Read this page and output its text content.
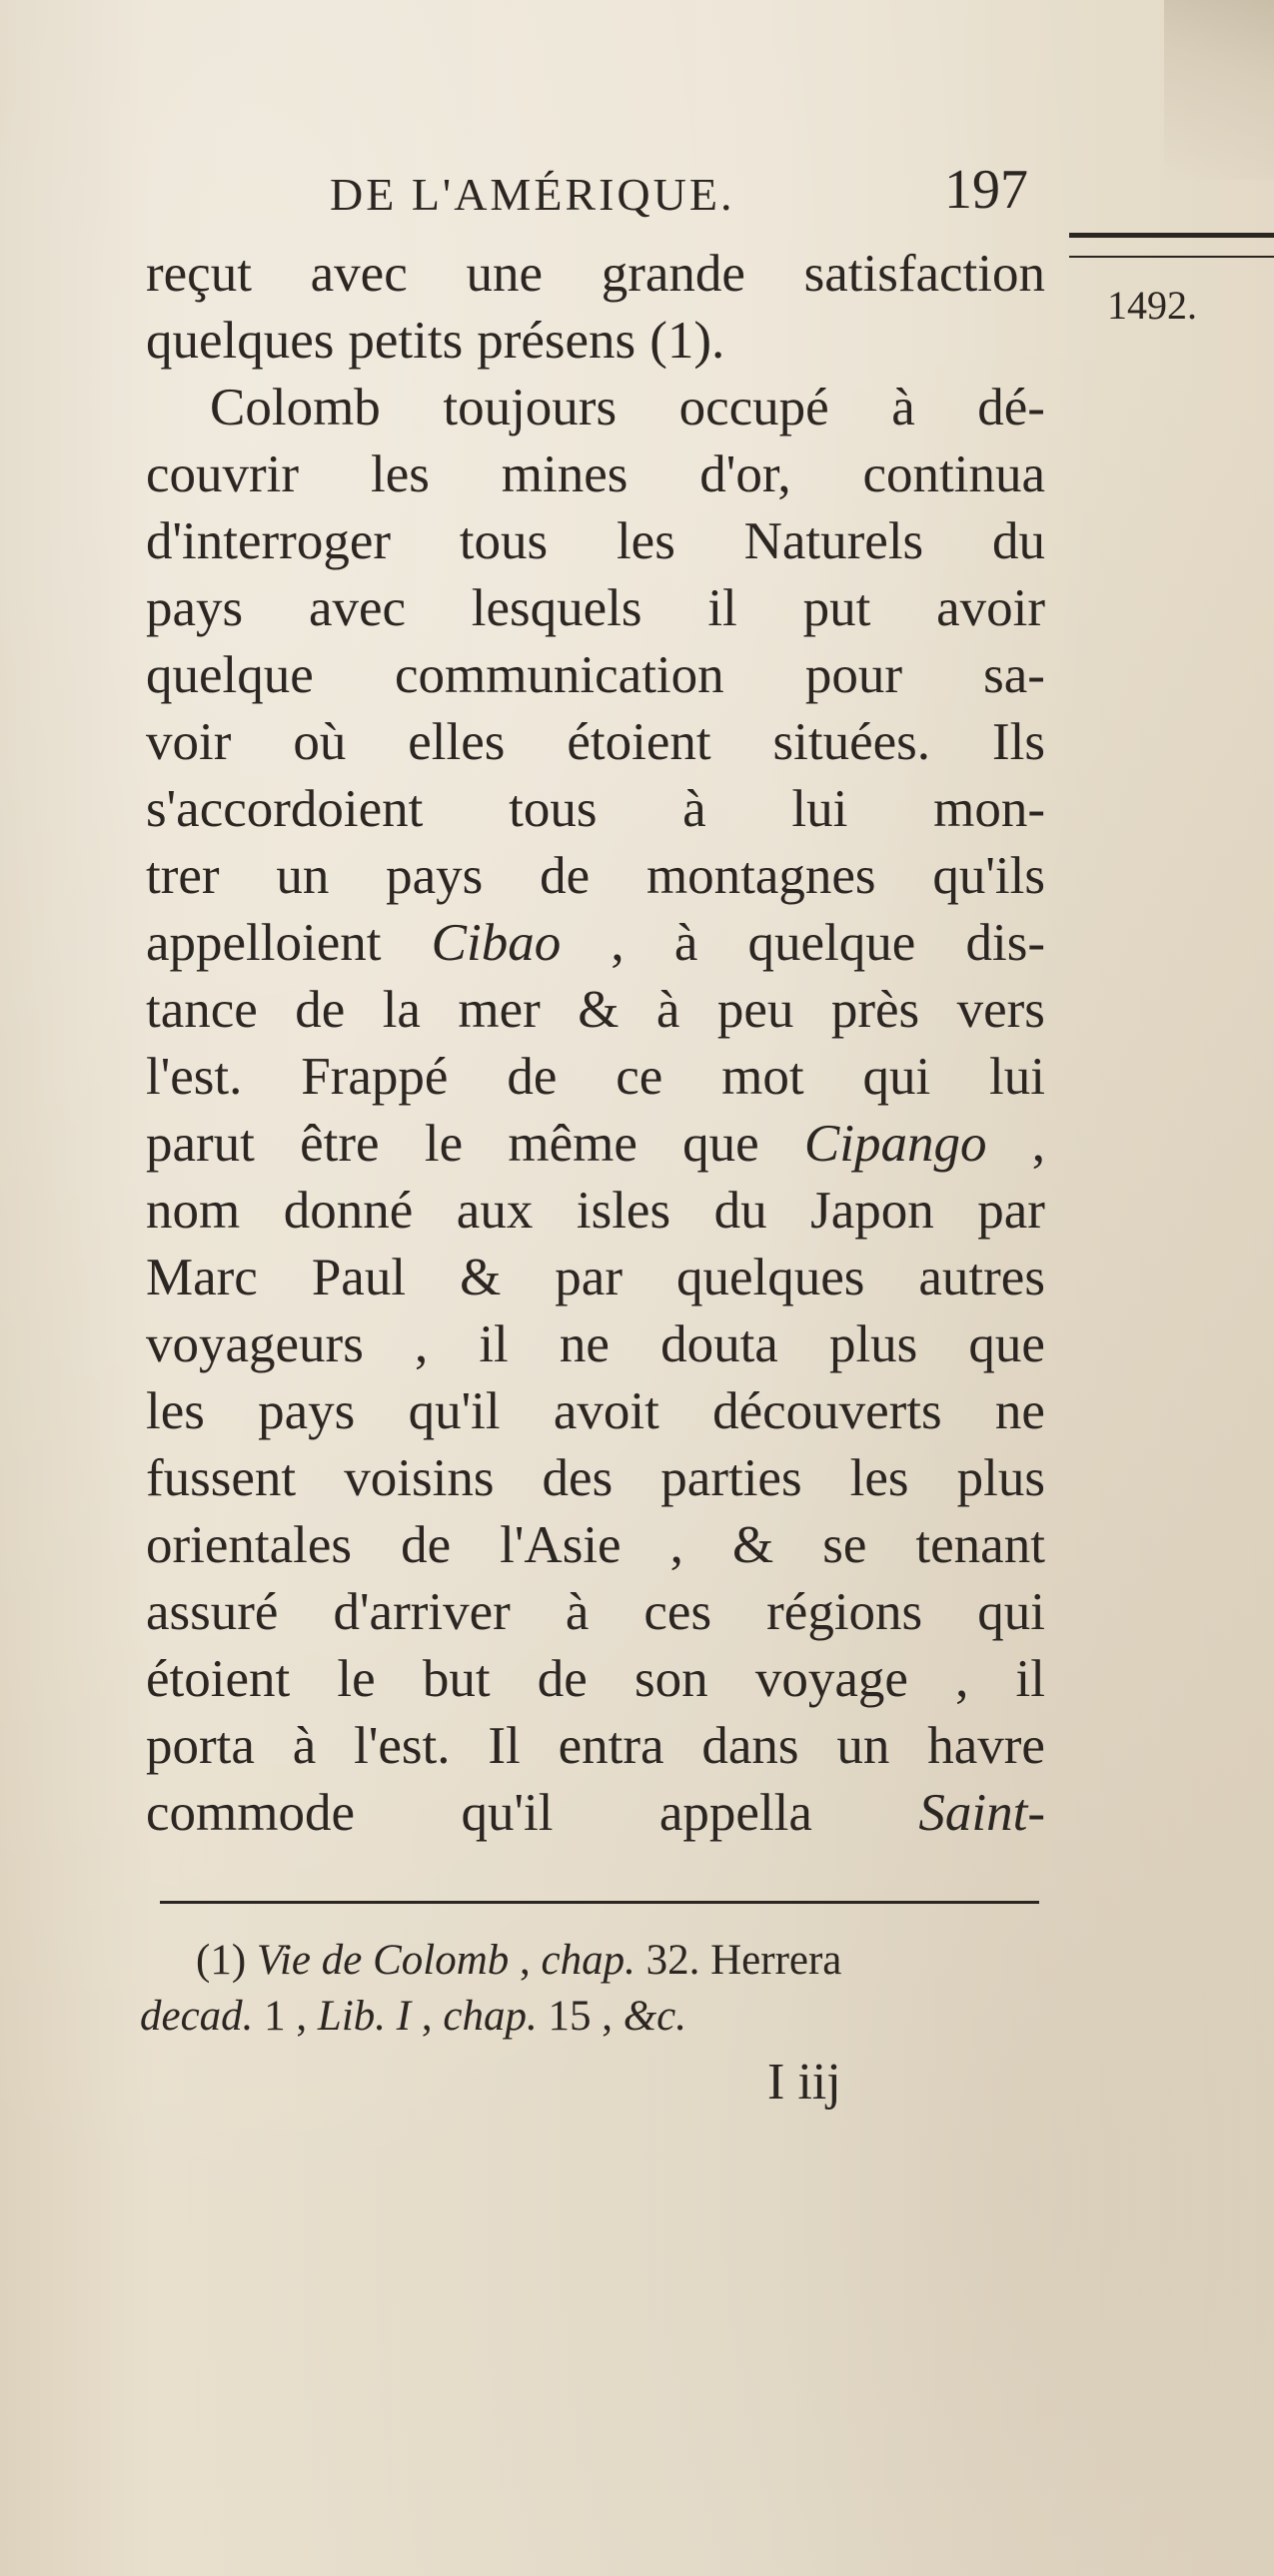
DE L'AMÉRIQUE.	197
1492.
reçut avec une grande satisfaction
quelques petits présens (1).
Colomb toujours occupé à dé-
couvrir les mines d'or, continua
d'interroger tous les Naturels du
pays avec lesquels il put avoir
quelque communication pour sa-
voir où elles étoient situées. Ils
s'accordoient tous à lui mon-
trer un pays de montagnes qu'ils
appelloient Cibao , à quelque dis-
tance de la mer & à peu près vers
l'est. Frappé de ce mot qui lui
parut être le même que Cipango ,
nom donné aux isles du Japon par
Marc Paul & par quelques autres
voyageurs , il ne douta plus que
les pays qu'il avoit découverts ne
fussent voisins des parties les plus
orientales de l'Asie , & se tenant
assuré d'arriver à ces régions qui
étoient le but de son voyage , il
porta à l'est. Il entra dans un havre
commode qu'il appella Saint-
(1) Vie de Colomb , chap. 32. Herrera
decad. 1 , Lib. I , chap. 15 , &c.
I iij
